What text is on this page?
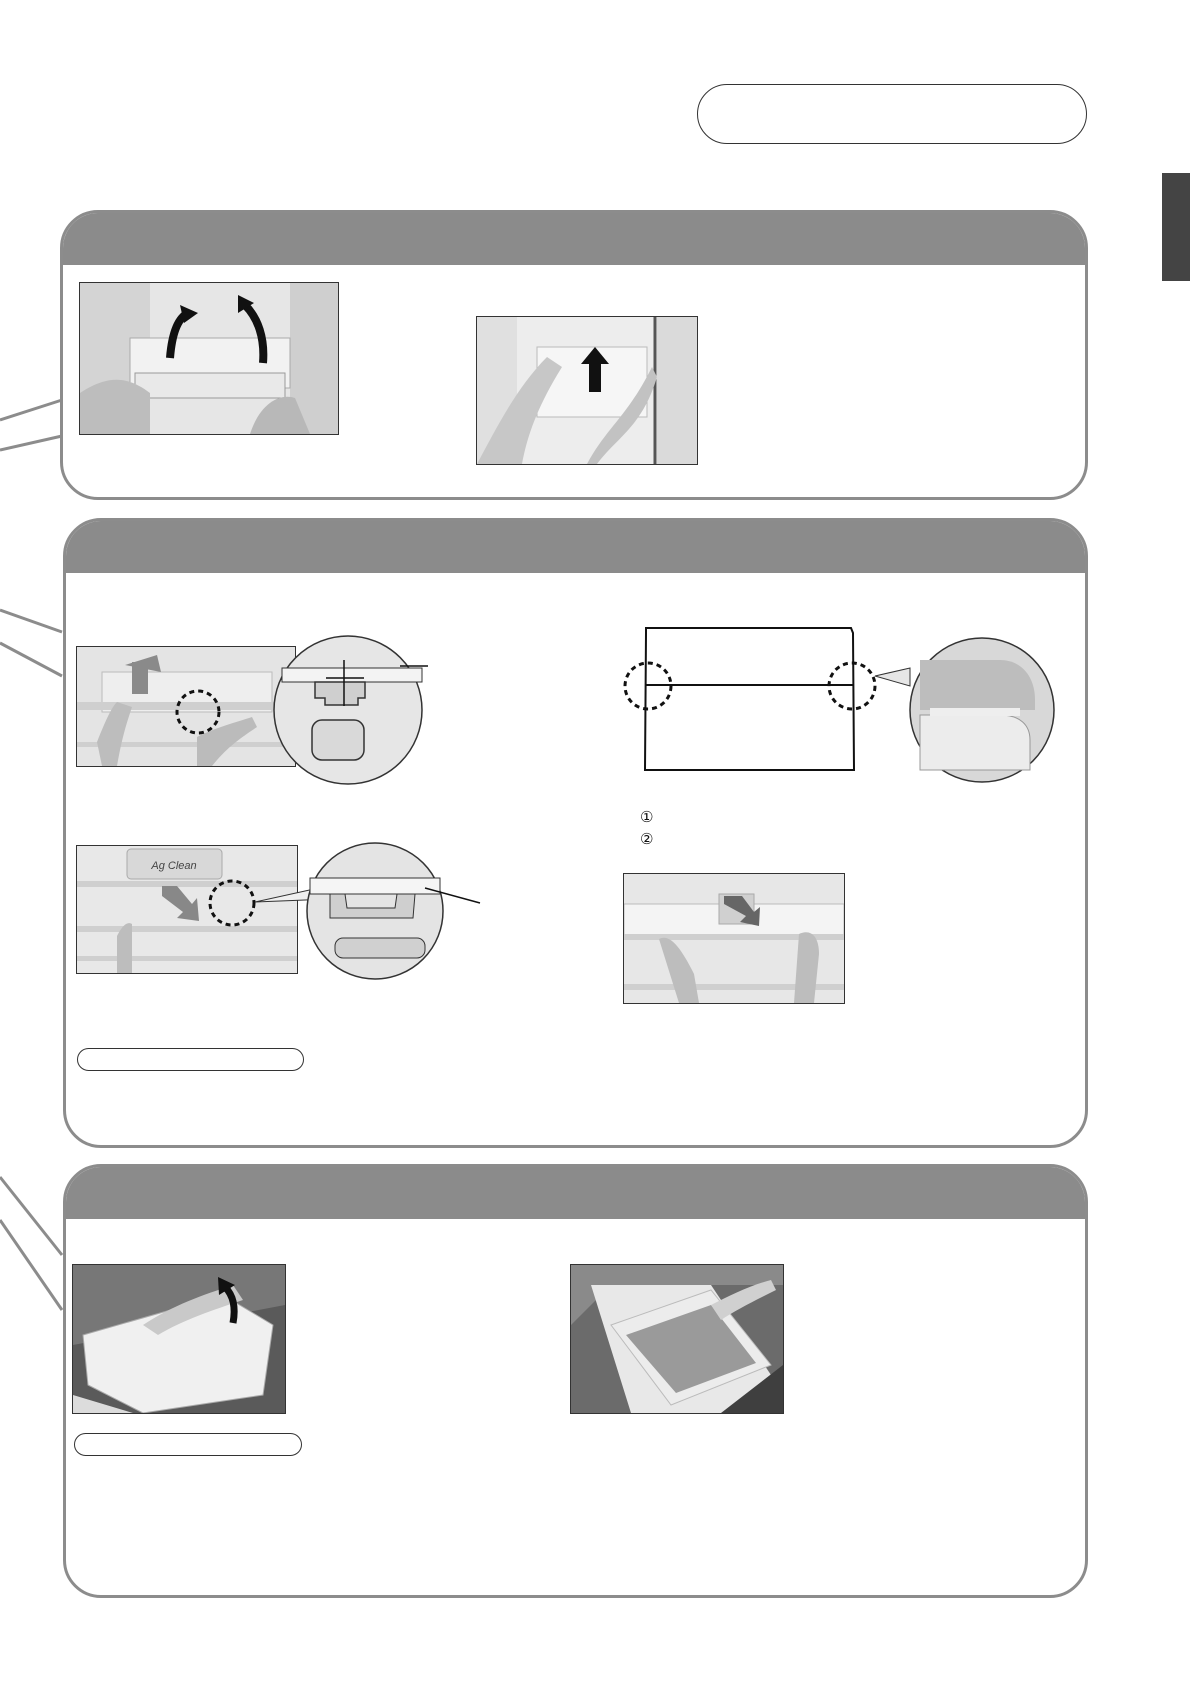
①
②
Ag Clean
